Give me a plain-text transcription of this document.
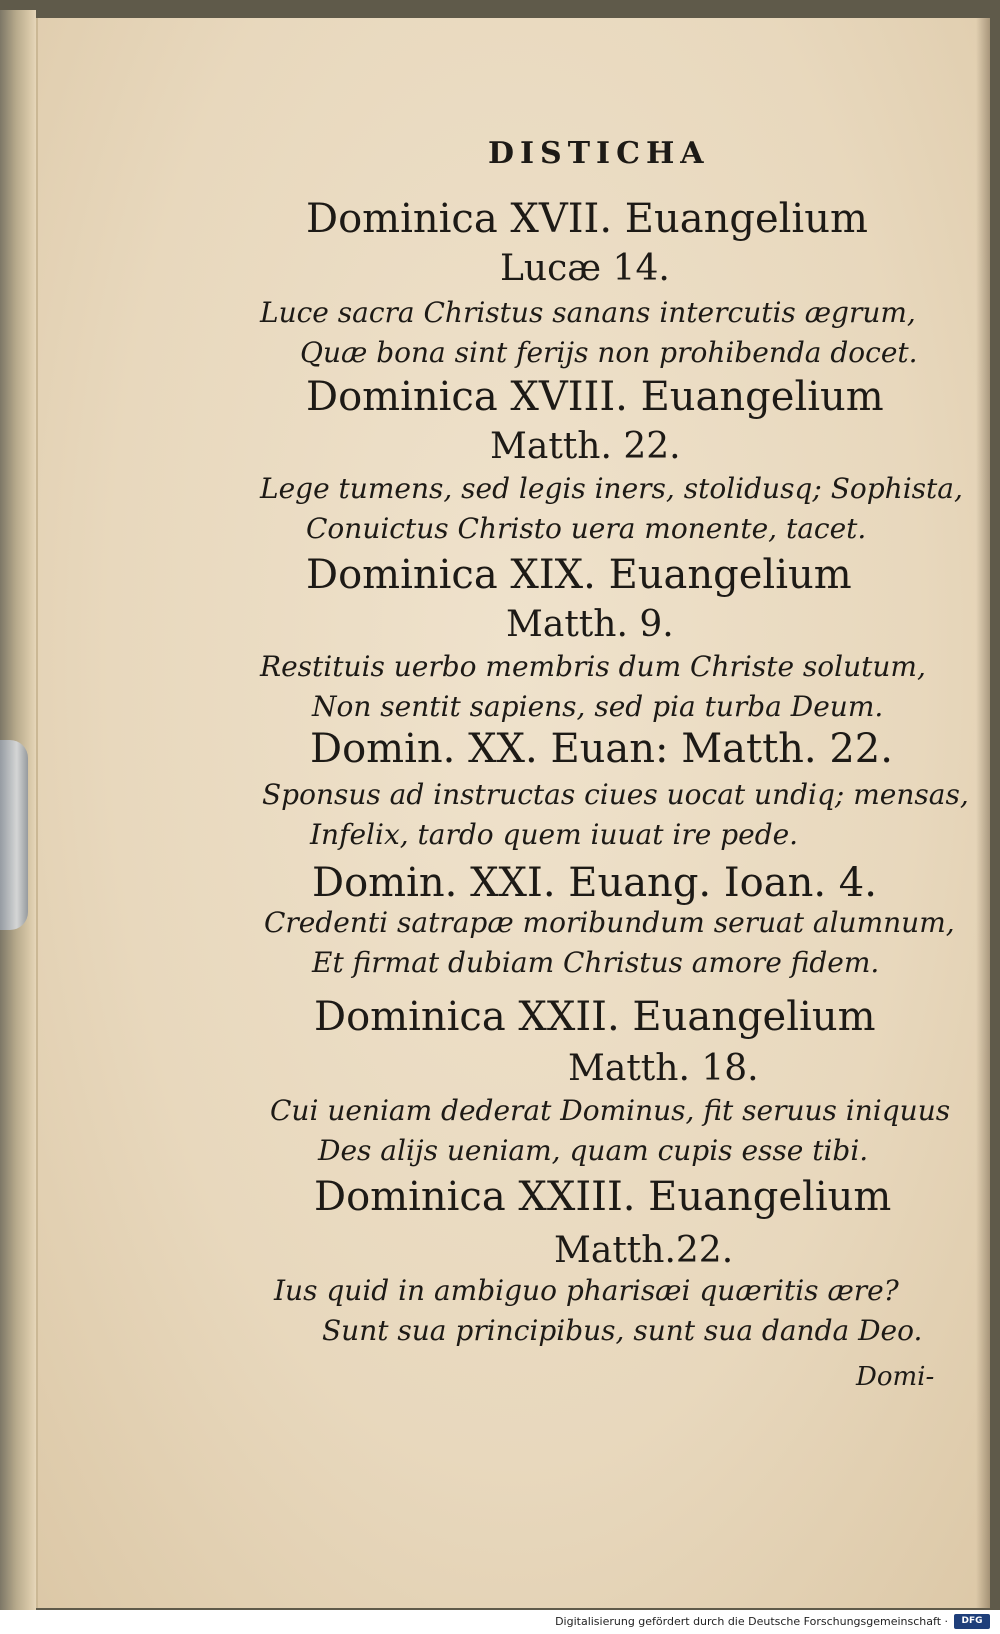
DISTICHA
Dominica XVII. Euangelium
Lucæ 14.
Luce sacra Christus sanans intercutis ægrum,
Quæ bona sint ferijs non prohibenda docet.
Dominica XVIII. Euangelium
Matth. 22.
Lege tumens, sed legis iners, stolidusq; Sophista,
Conuictus Christo uera monente, tacet.
Dominica XIX. Euangelium
Matth. 9.
Restituis uerbo membris dum Christe solutum,
Non sentit sapiens, sed pia turba Deum.
Domin. XX. Euan: Matth. 22.
Sponsus ad instructas ciues uocat undiq; mensas,
Infelix, tardo quem iuuat ire pede.
Domin. XXI. Euang. Ioan. 4.
Credenti satrapæ moribundum seruat alumnum,
Et firmat dubiam Christus amore fidem.
Dominica XXII. Euangelium
Matth. 18.
Cui ueniam dederat Dominus, fit seruus iniquus
Des alijs ueniam, quam cupis esse tibi.
Dominica XXIII. Euangelium
Matth.22.
Ius quid in ambiguo pharisæi quæritis ære?
Sunt sua principibus, sunt sua danda Deo.
Domi-
Digitalisierung gefördert durch die Deutsche Forschungsgemeinschaft ·	DFG
